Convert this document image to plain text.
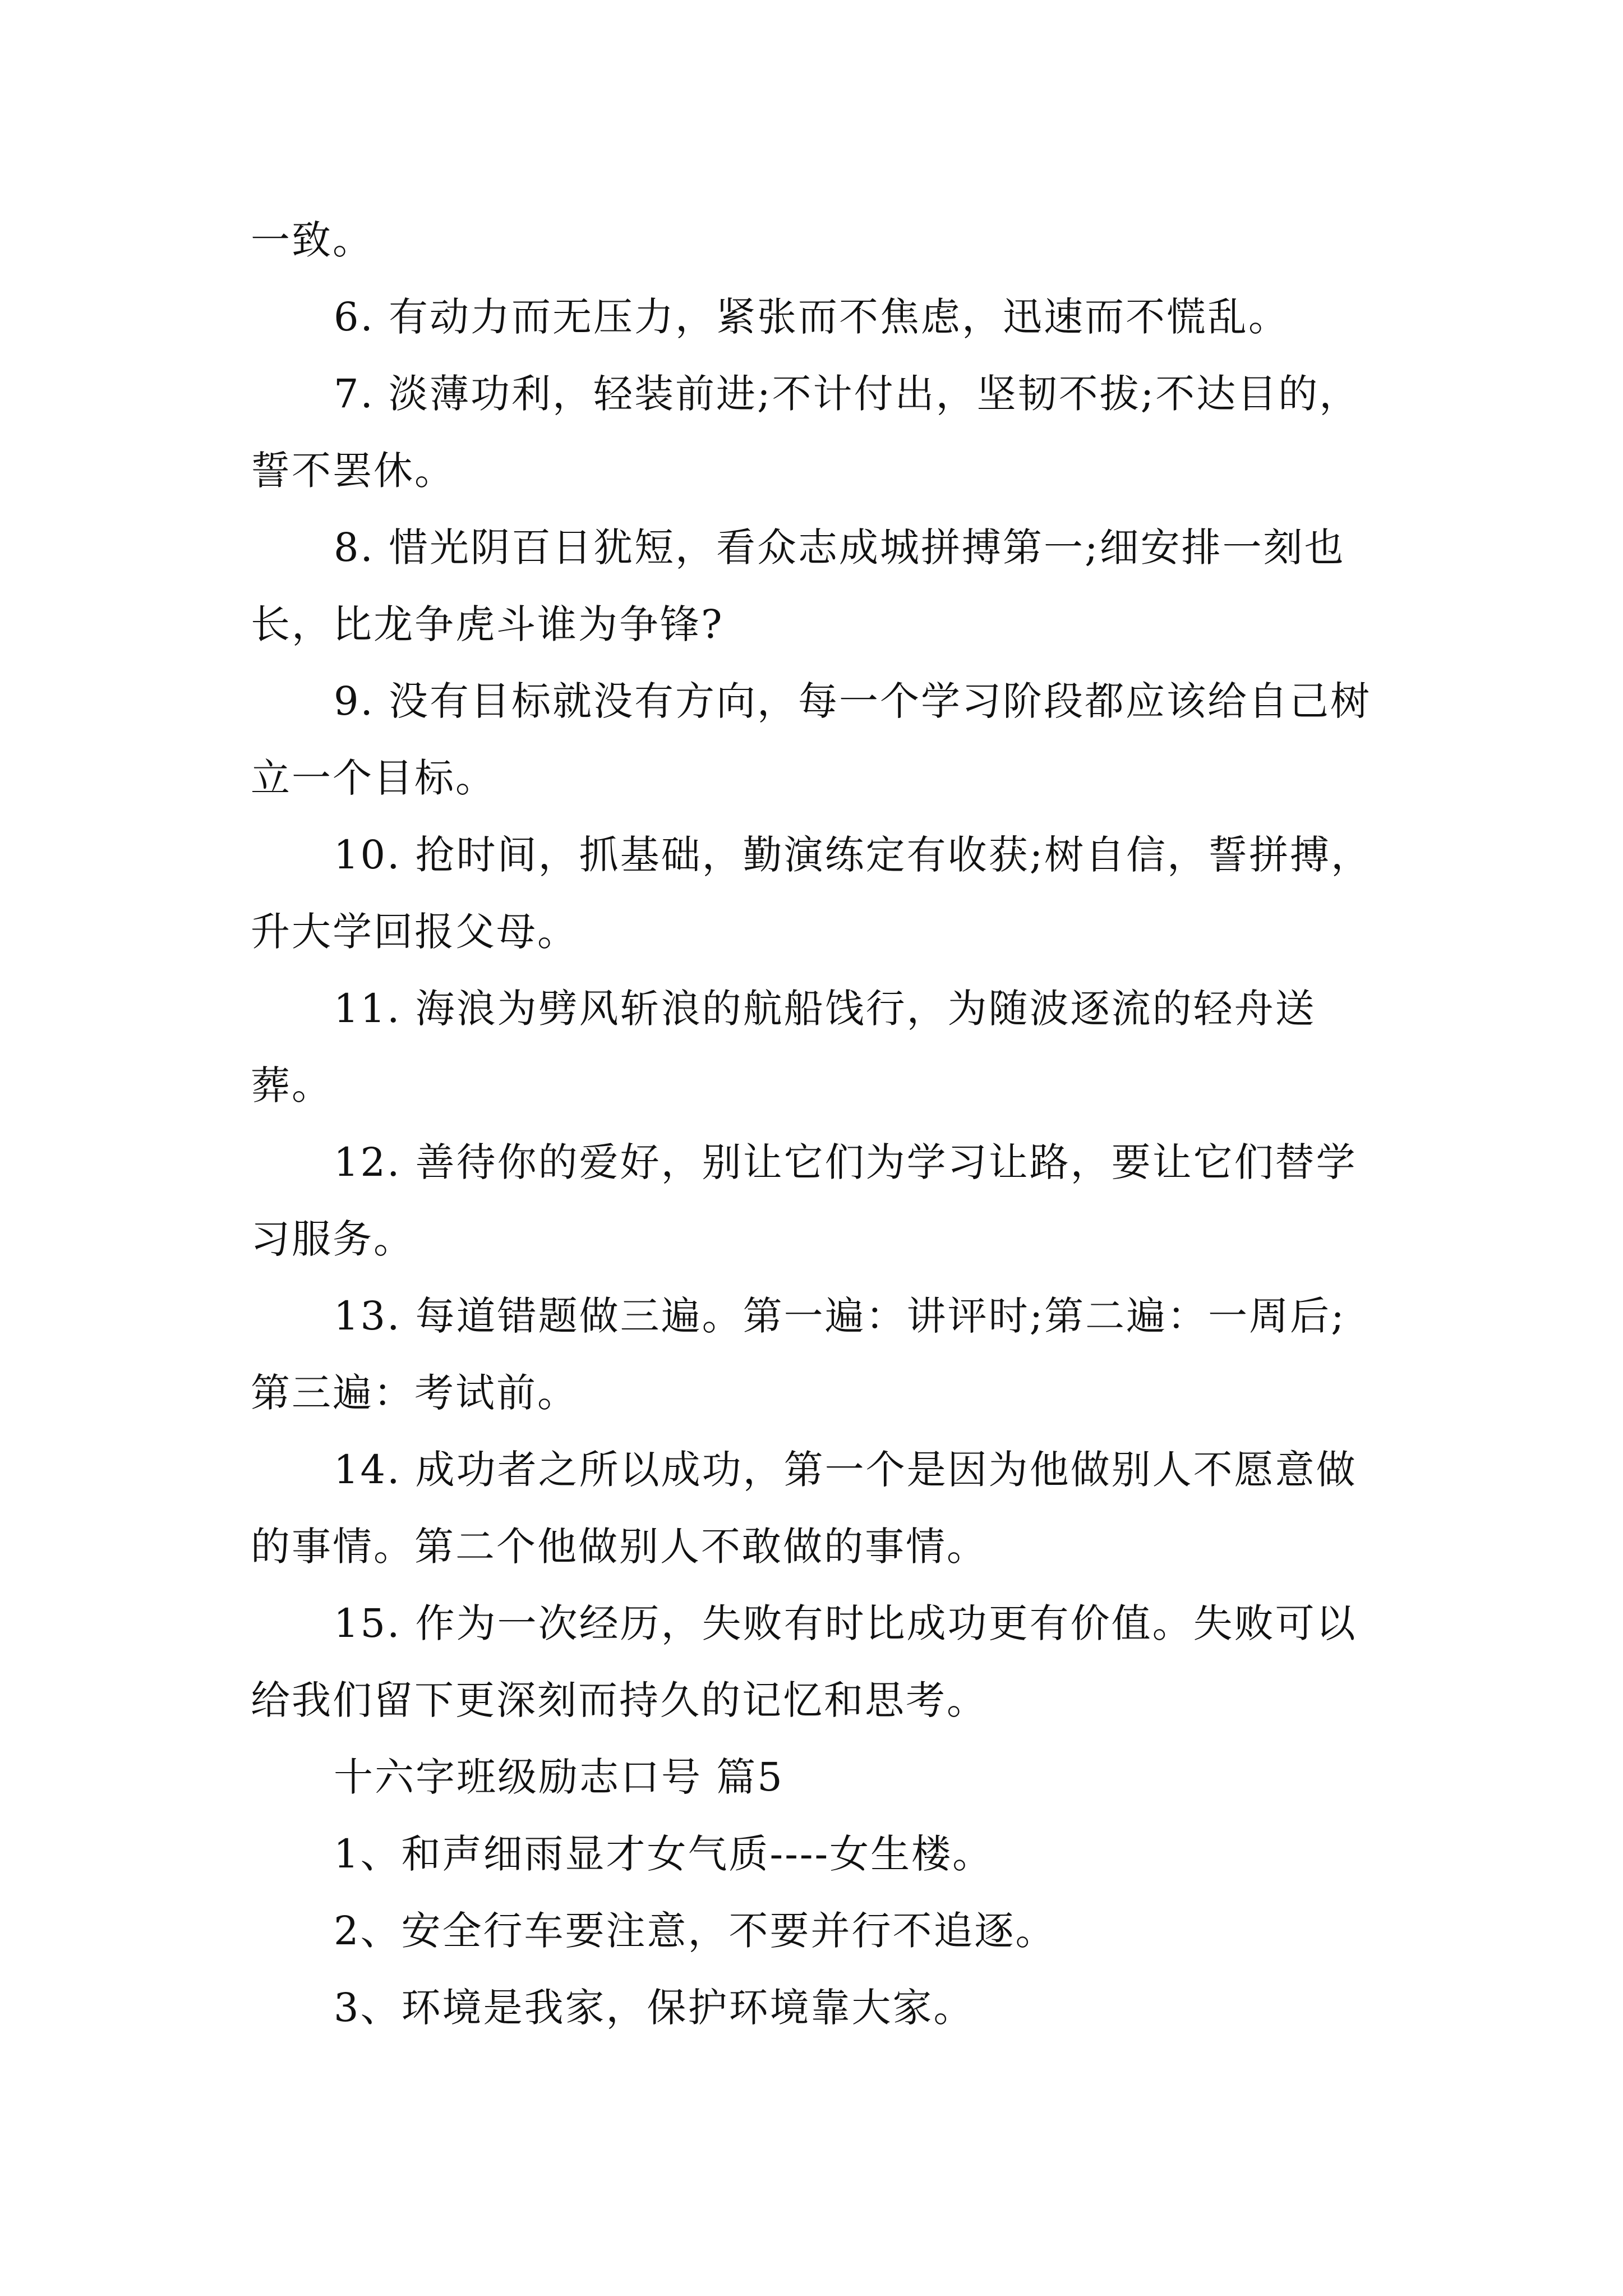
一致。

6. 有动力而无压力，紧张而不焦虑，迅速而不慌乱。

7. 淡薄功利，轻装前进;不计付出，坚韧不拔;不达目的，誓不罢休。

8. 惜光阴百日犹短，看众志成城拼搏第一;细安排一刻也长，比龙争虎斗谁为争锋?

9. 没有目标就没有方向，每一个学习阶段都应该给自己树立一个目标。

10. 抢时间，抓基础，勤演练定有收获;树自信，誓拼搏，升大学回报父母。

11. 海浪为劈风斩浪的航船饯行，为随波逐流的轻舟送葬。

12. 善待你的爱好，别让它们为学习让路，要让它们替学习服务。

13. 每道错题做三遍。第一遍：讲评时;第二遍：一周后;第三遍：考试前。

14. 成功者之所以成功，第一个是因为他做别人不愿意做的事情。第二个他做别人不敢做的事情。

15. 作为一次经历，失败有时比成功更有价值。失败可以给我们留下更深刻而持久的记忆和思考。

十六字班级励志口号 篇5

1、和声细雨显才女气质----女生楼。

2、安全行车要注意，不要并行不追逐。

3、环境是我家，保护环境靠大家。
